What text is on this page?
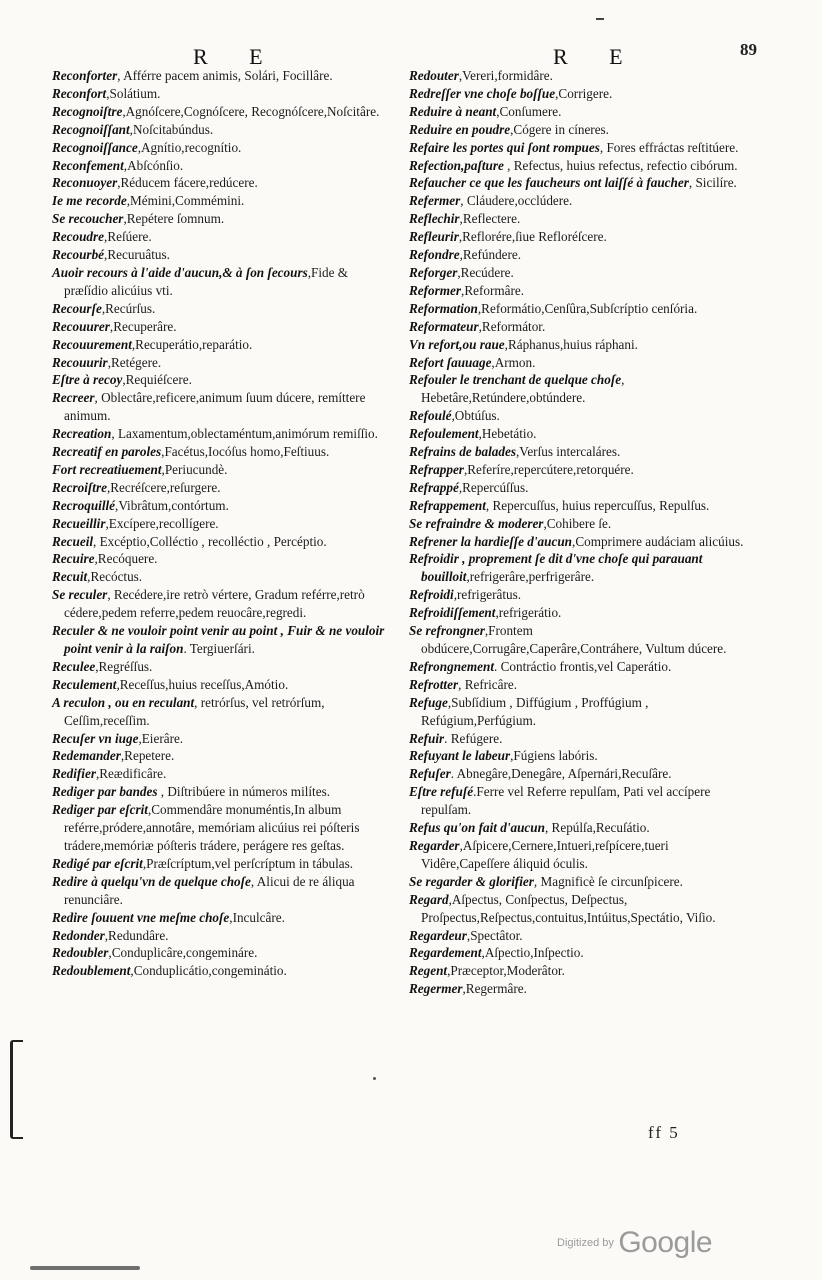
R E	R E	89
Reconforter, Afférre pacem animis, Solári, Focillâre.
Reconfort,Solátium.
Recognoiſtre,Agnóſcere,Cognóſcere, Recognóſcere,Noſcitâre.
Recognoiſſant,Noſcitabúndus.
Recognoiſſance,Agnítio,recognítio.
Reconfement,Abſcónſio.
Reconuoyer,Réducem fácere,redúcere.
Ie me recorde,Mémini,Commémini.
Se recoucher,Repétere ſomnum.
Recoudre,Reſúere.
Recourbé,Recuruâtus.
Auoir recours à l'aide d'aucun,& à ſon ſecours,Fide & præſídio alicúius vti.
Recourſe,Recúrſus.
Recouurer,Recuperâre.
Recouurement,Recuperátio,reparátio.
Recouurir,Retégere.
Eſtre à recoy,Requiéſcere.
Recreer, Oblectâre,reficere,animum ſuum dúcere, remíttere animum.
Recreation, Laxamentum,oblectaméntum,animórum remiſſio.
Recreatif en paroles,Facétus,Iocóſus homo,Feſtiuus.
Fort recreatiuement,Periucundè.
Recroiſtre,Recréſcere,reſurgere.
Recroquillé,Vibrâtum,contórtum.
Recueillir,Excípere,recollígere.
Recueil, Excéptio,Colléctio , recolléctio , Percéptio.
Recuire,Recóquere.
Recuit,Recóctus.
Se reculer, Recédere,ire retrò vértere, Gradum reférre,retrò cédere,pedem referre,pedem reuocâre,regredi.
Reculer & ne vouloir point venir au point , Fuir & ne vouloir point venir à la raiſon. Tergiuerſári.
Reculee,Regréſſus.
Reculement,Receſſus,huius receſſus,Amótio.
A reculon , ou en reculant, retrórſus, vel retrórſum, Ceſſim,receſſim.
Recuſer vn iuge,Eierâre.
Redemander,Repetere.
Redifier,Reædificâre.
Rediger par bandes , Diſtribúere in números milítes.
Rediger par eſcrit,Commendâre monuméntis,In album reférre,pródere,annotâre, memóriam alicúius rei póſteris trádere,memóriæ póſteris trádere, perágere res geſtas.
Redigé par eſcrit,Præſcríptum,vel perſcríptum in tábulas.
Redire à quelqu'vn de quelque choſe, Alicui de re áliqua renunciâre.
Redire ſouuent vne meſme choſe,Inculcâre.
Redonder,Redundâre.
Redoubler,Conduplicâre,congemináre.
Redoublement,Conduplicátio,congeminátio.
Redouter,Vereri,formidâre.
Redreſſer vne choſe boſſue,Corrigere.
Reduire à neant,Conſumere.
Reduire en poudre,Cógere in cíneres.
Refaire les portes qui ſont rompues, Fores effráctas reſtitúere.
Refection,paſture , Refectus, huius refectus, refectio cibórum.
Refaucher ce que les faucheurs ont laiſſé à faucher, Sicilíre.
Refermer, Cláudere,occlúdere.
Reflechir,Reflectere.
Refleurir,Reflorére,ſiue Refloréſcere.
Refondre,Refúndere.
Reforger,Recúdere.
Reformer,Reformâre.
Reformation,Reformátio,Cenſûra,Subſcríptio cenſória.
Reformateur,Reformátor.
Vn refort,ou raue,Ráphanus,huius ráphani.
Refort ſauuage,Armon.
Refouler le trenchant de quelque choſe, Hebetâre,Retúndere,obtúndere.
Refoulé,Obtúſus.
Refoulement,Hebetátio.
Refrains de balades,Verſus intercaláres.
Refrapper,Referíre,repercútere,retorquére.
Refrappé,Repercúſſus.
Refrappement, Repercuſſus, huius repercuſſus, Repulſus.
Se refraindre & moderer,Cohibere ſe.
Refrener la hardieſſe d'aucun,Comprimere audáciam alicúius.
Refroidir , proprement ſe dit d'vne choſe qui parauant bouilloit,refrigerâre,perfrigerâre.
Refroidi,refrigerâtus.
Refroidiſſement,refrigerátio.
Se refrongner,Frontem obdúcere,Corrugâre,Caperâre,Contráhere, Vultum dúcere.
Refrongnement. Contráctio frontis,vel Caperátio.
Refrotter, Refricâre.
Refuge,Subſídium , Diffúgium , Proffúgium , Refúgium,Perfúgium.
Refuir. Refúgere.
Refuyant le labeur,Fúgiens labóris.
Refuſer. Abnegâre,Denegâre, Aſpernári,Recuſâre.
Eſtre refuſé.Ferre vel Referre repulſam, Pati vel accípere repulſam.
Refus qu'on fait d'aucun, Repúlſa,Recuſátio.
Regarder,Aſpicere,Cernere,Intueri,reſpícere,tueri Vidêre,Capeſſere áliquid óculis.
Se regarder & glorifier, Magnificè ſe circunſpicere.
Regard,Aſpectus, Conſpectus, Deſpectus, Proſpectus,Reſpectus,contuitus,Intúitus,Spectátio, Viſio.
Regardeur,Spectâtor.
Regardement,Aſpectio,Inſpectio.
Regent,Præceptor,Moderâtor.
Regermer,Regermâre.
ff 5
Digitized by Google
